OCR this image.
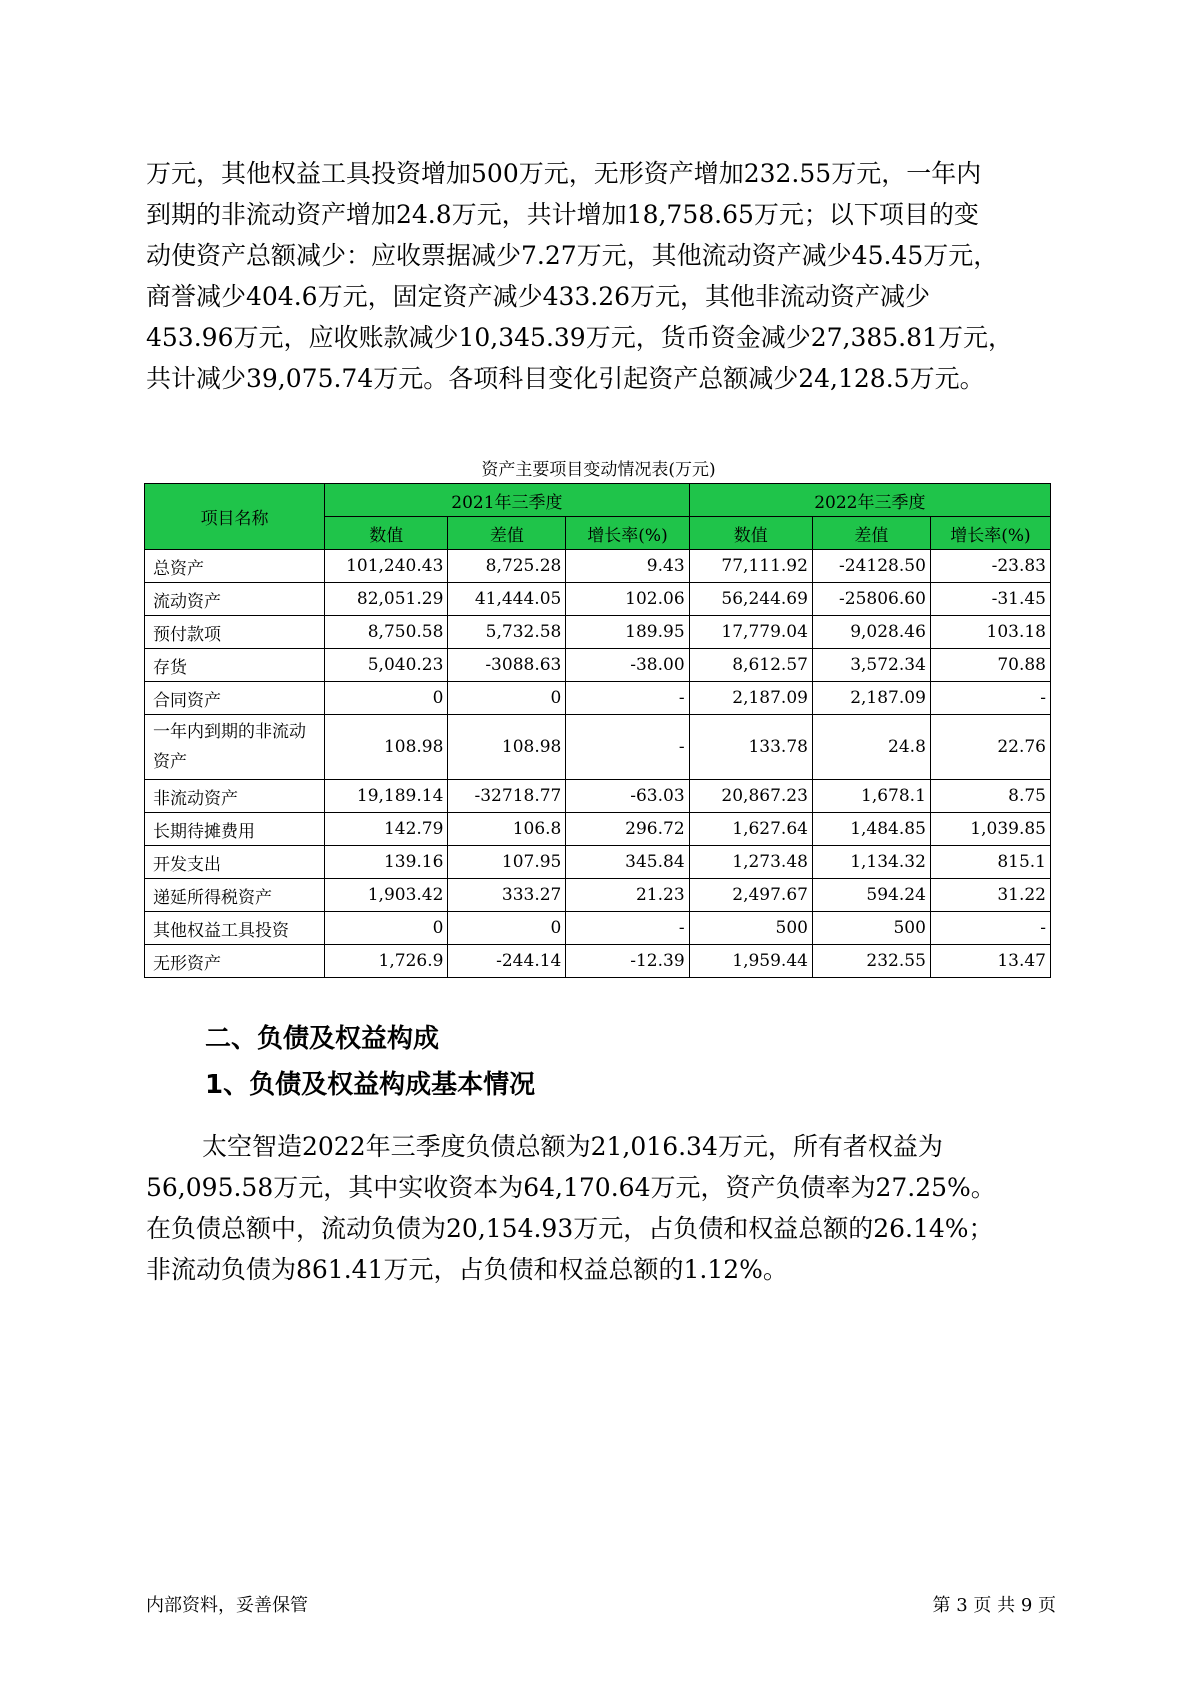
万元，其他权益工具投资增加500万元，无形资产增加232.55万元，一年内
到期的非流动资产增加24.8万元，共计增加18,758.65万元；以下项目的变
动使资产总额减少：应收票据减少7.27万元，其他流动资产减少45.45万元，
商誉减少404.6万元，固定资产减少433.26万元，其他非流动资产减少
453.96万元，应收账款减少10,345.39万元，货币资金减少27,385.81万元，
共计减少39,075.74万元。各项科目变化引起资产总额减少24,128.5万元。
资产主要项目变动情况表(万元)
项目名称	2021年三季度			2022年三季度		
	数值	差值	增长率(%)	数值	差值	增长率(%)
总资产	101,240.43	8,725.28	9.43	77,111.92	-24128.50	-23.83
流动资产	82,051.29	41,444.05	102.06	56,244.69	-25806.60	-31.45
预付款项	8,750.58	5,732.58	189.95	17,779.04	9,028.46	103.18
存货	5,040.23	-3088.63	-38.00	8,612.57	3,572.34	70.88
合同资产	0	0	-	2,187.09	2,187.09	-
一年内到期的非流动资产	108.98	108.98	-	133.78	24.8	22.76
非流动资产	19,189.14	-32718.77	-63.03	20,867.23	1,678.1	8.75
长期待摊费用	142.79	106.8	296.72	1,627.64	1,484.85	1,039.85
开发支出	139.16	107.95	345.84	1,273.48	1,134.32	815.1
递延所得税资产	1,903.42	333.27	21.23	2,497.67	594.24	31.22
其他权益工具投资	0	0	-	500	500	-
无形资产	1,726.9	-244.14	-12.39	1,959.44	232.55	13.47
二、负债及权益构成
1、负债及权益构成基本情况
太空智造2022年三季度负债总额为21,016.34万元，所有者权益为
56,095.58万元，其中实收资本为64,170.64万元，资产负债率为27.25%。
在负债总额中，流动负债为20,154.93万元，占负债和权益总额的26.14%；
非流动负债为861.41万元，占负债和权益总额的1.12%。
内部资料，妥善保管	第 3 页 共 9 页
